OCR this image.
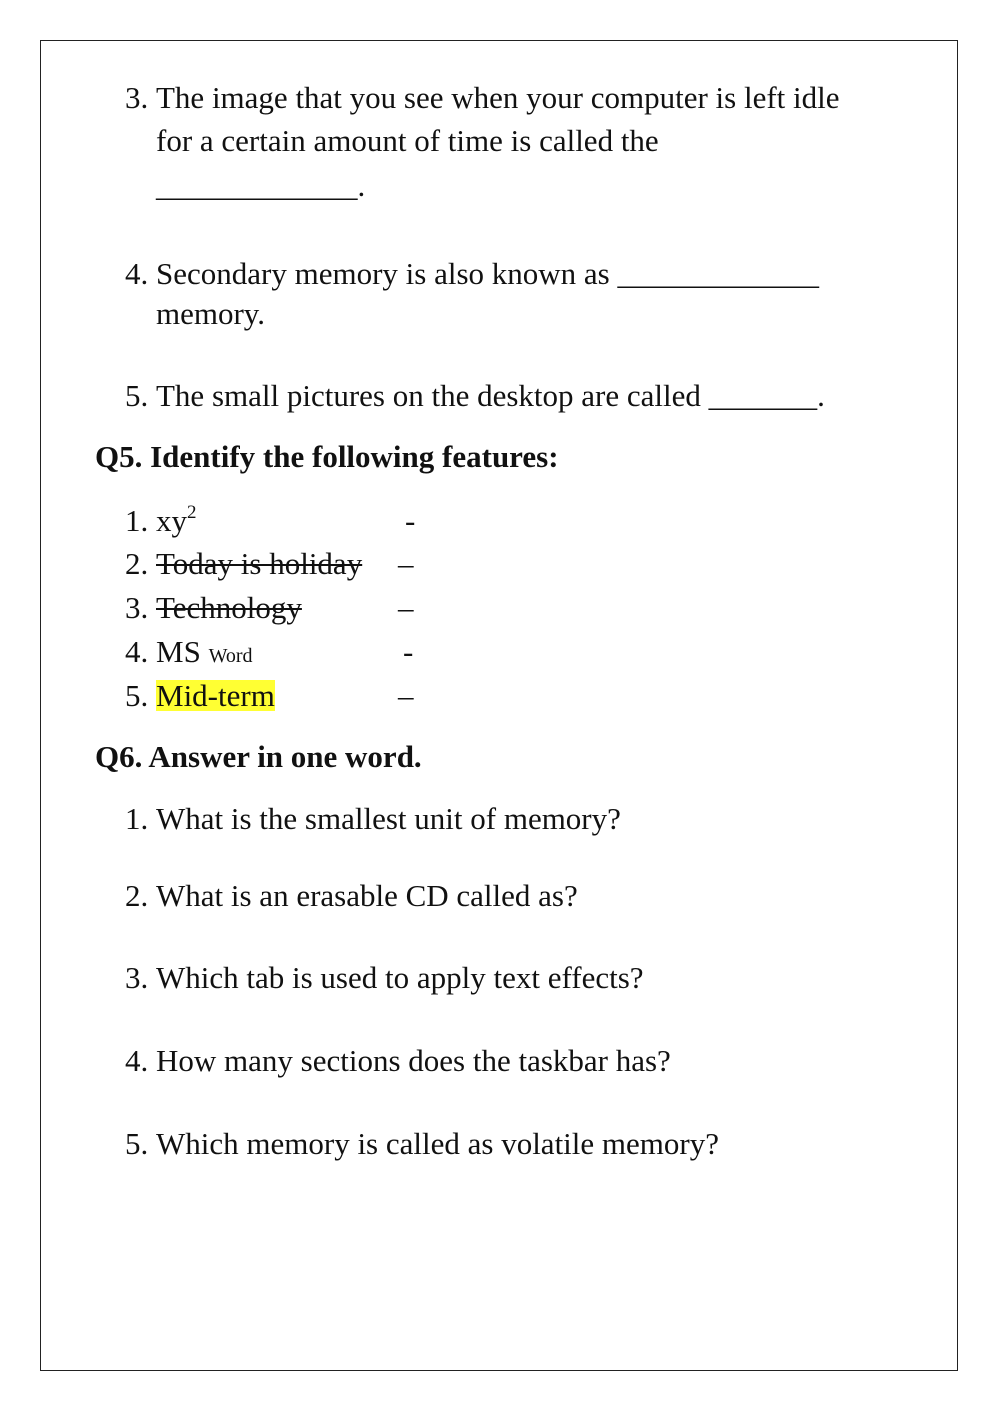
3. The image that you see when your computer is left idle
for a certain amount of time is called the
_____________.
4. Secondary memory is also known as _____________
memory.
5. The small pictures on the desktop are called _______.
Q5. Identify the following features:
1. $xy^2$	-
2. Today is holiday –
3. Technology	–
4. MS Word	-
5. Mid-term	–
Q6. Answer in one word.
1. What is the smallest unit of memory?
2. What is an erasable CD called as?
3. Which tab is used to apply text effects?
4. How many sections does the taskbar has?
5. Which memory is called as volatile memory?
